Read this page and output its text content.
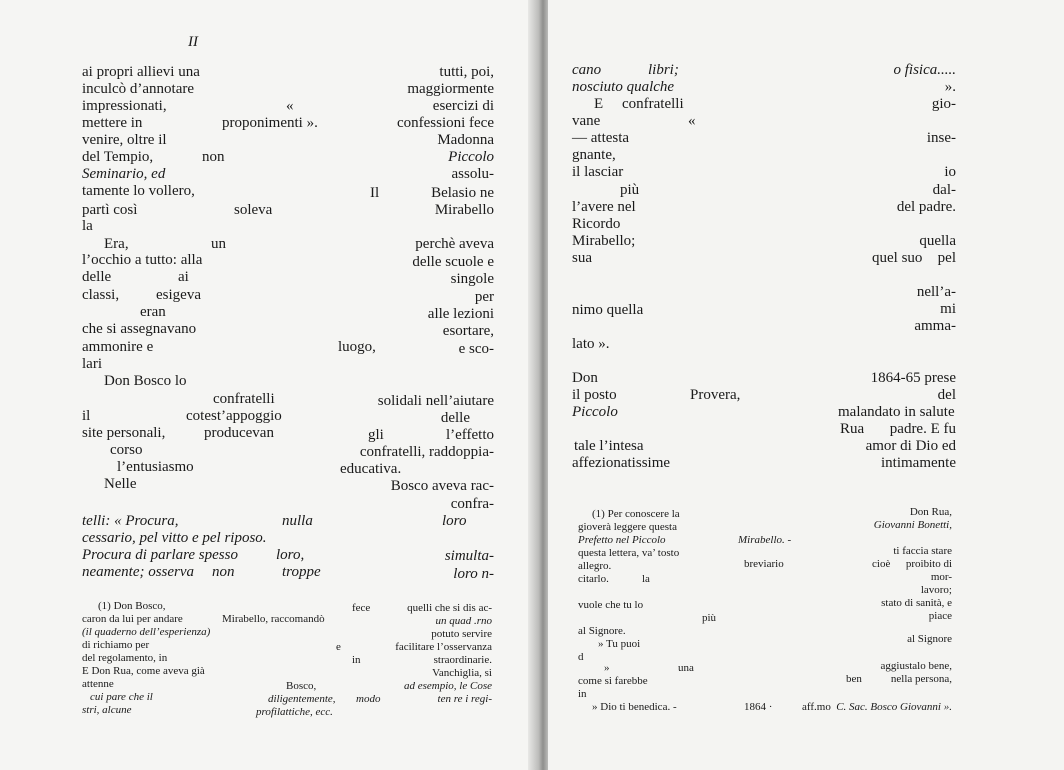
II
ai propri allievi una
inculcò d’annotare
impressionati,
mettere in
venire, oltre il
del Tempio,
Seminario, ed
tamente lo vollero,
partì così
la
Era,
l’occhio a tutto: alla
delle
classi,
eran
che si assegnavano
ammonire e
lari
Don Bosco lo
confratelli
il
site personali,
corso
l’entusiasmo
Nelle
«
proponimenti ».
non
soleva
un
ai
esigeva
cotest’appoggio
producevan
luogo,
Il
tutti, poi,
maggiormente
esercizi di
confessioni fece
Madonna
Piccolo
assolu-
Belasio ne
Mirabello
perchè aveva
delle scuole e
singole
per
alle lezioni
esortare,
e sco-
solidali nell’aiutare
delle
gli	l’effetto
confratelli, raddoppia-
educativa.
Bosco aveva rac-
confra-
loro
simulta-
loro n-
telli: « Procura,	nulla
cessario, pel vitto e pel riposo.
Procura di parlare spesso	loro,
neamente; osserva non	troppe
(1) Don Bosco,
caron da lui per andare	Mirabello, raccomandò
(il quaderno dell’esperienza)
di richiamo per
del regolamento, in
E Don Rua, come aveva già
attenne
cui pare che il
stri, alcune
Bosco,
diligentemente,
profilattiche, ecc.
fece	quelli che si dis ac-
un quad .rno
potuto servire
facilitare l’osservanza
straordinarie.
Vanchiglia, si
ad esempio, le Cose
modo	ten re i regi-
e
in
cano	libri;
nosciuto qualche
E confratelli
vane	«
— attesta
gnante,
il lasciar
più
l’avere nel
Ricordo
Mirabello;
sua
nimo quella
lato ».
Don
il posto	Provera,
Piccolo
tale l’intesa
affezionatissime
o fisica.....
».
gio-
inse-
io
dal-
del padre.
quella
quel suo pel
nell’a-
mi
amma-
1864-65 prese
del
malandato in salute
Rua padre. E fu
amor di Dio ed
intimamente
(1) Per conoscere la
gioverà leggere questa
Prefetto nel Piccolo	Mirabello. -
questa lettera, va’ tosto
allegro.	breviario	cioè proibito di
citarlo.	la
Don Rua,
Giovanni Bonetti,
ti faccia stare
mor-
lavoro;
stato di sanità, e
piace
vuole che tu lo
più
al Signore.
al Signore
» Tu puoi
d
»	una	aggiustalo bene,
come si farebbe	ben	nella persona,
in
» Dio ti benedica. -	1864 ·	aff.mo C. Sac. Bosco Giovanni ».
